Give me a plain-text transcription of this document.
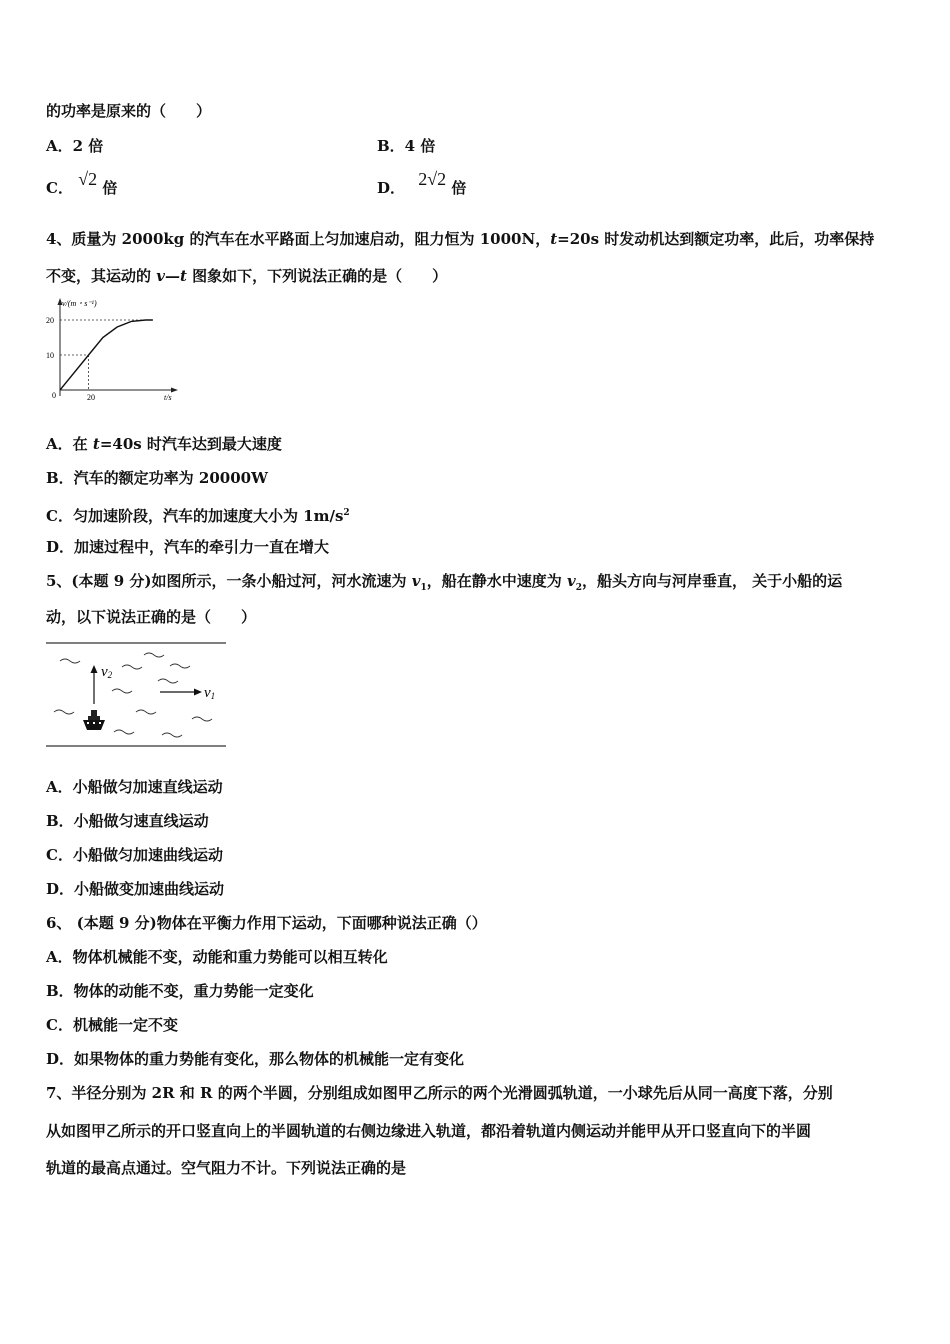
的功率是原来的（　　）
A．2 倍	B．4 倍
C． √2 倍	D． 2√2 倍
4、质量为 2000kg 的汽车在水平路面上匀加速启动，阻力恒为 1000N，t=20s 时发动机达到额定功率，此后，功率保持
不变，其运动的 v—t 图象如下，下列说法正确的是（　　）
v/(m・s⁻¹)
t/s
20
10
20
0
A．在 t=40s 时汽车达到最大速度
B．汽车的额定功率为 20000W
C．匀加速阶段，汽车的加速度大小为 $1m/s^2$
D．加速过程中，汽车的牵引力一直在增大
5、(本题 9 分)如图所示，一条小船过河，河水流速为 $v_1$，船在静水中速度为 $v_2$，船头方向与河岸垂直， 关于小船的运
动，以下说法正确的是（　　）
v2
v1
A．小船做匀加速直线运动
B．小船做匀速直线运动
C．小船做匀加速曲线运动
D．小船做变加速曲线运动
6、 (本题 9 分)物体在平衡力作用下运动，下面哪种说法正确（）
A．物体机械能不变，动能和重力势能可以相互转化
B．物体的动能不变，重力势能一定变化
C．机械能一定不变
D．如果物体的重力势能有变化，那么物体的机械能一定有变化
7、半径分别为 2R 和 R 的两个半圆，分别组成如图甲乙所示的两个光滑圆弧轨道，一小球先后从同一高度下落，分别
从如图甲乙所示的开口竖直向上的半圆轨道的右侧边缘进入轨道，都沿着轨道内侧运动并能甲从开口竖直向下的半圆
轨道的最高点通过。空气阻力不计。下列说法正确的是
